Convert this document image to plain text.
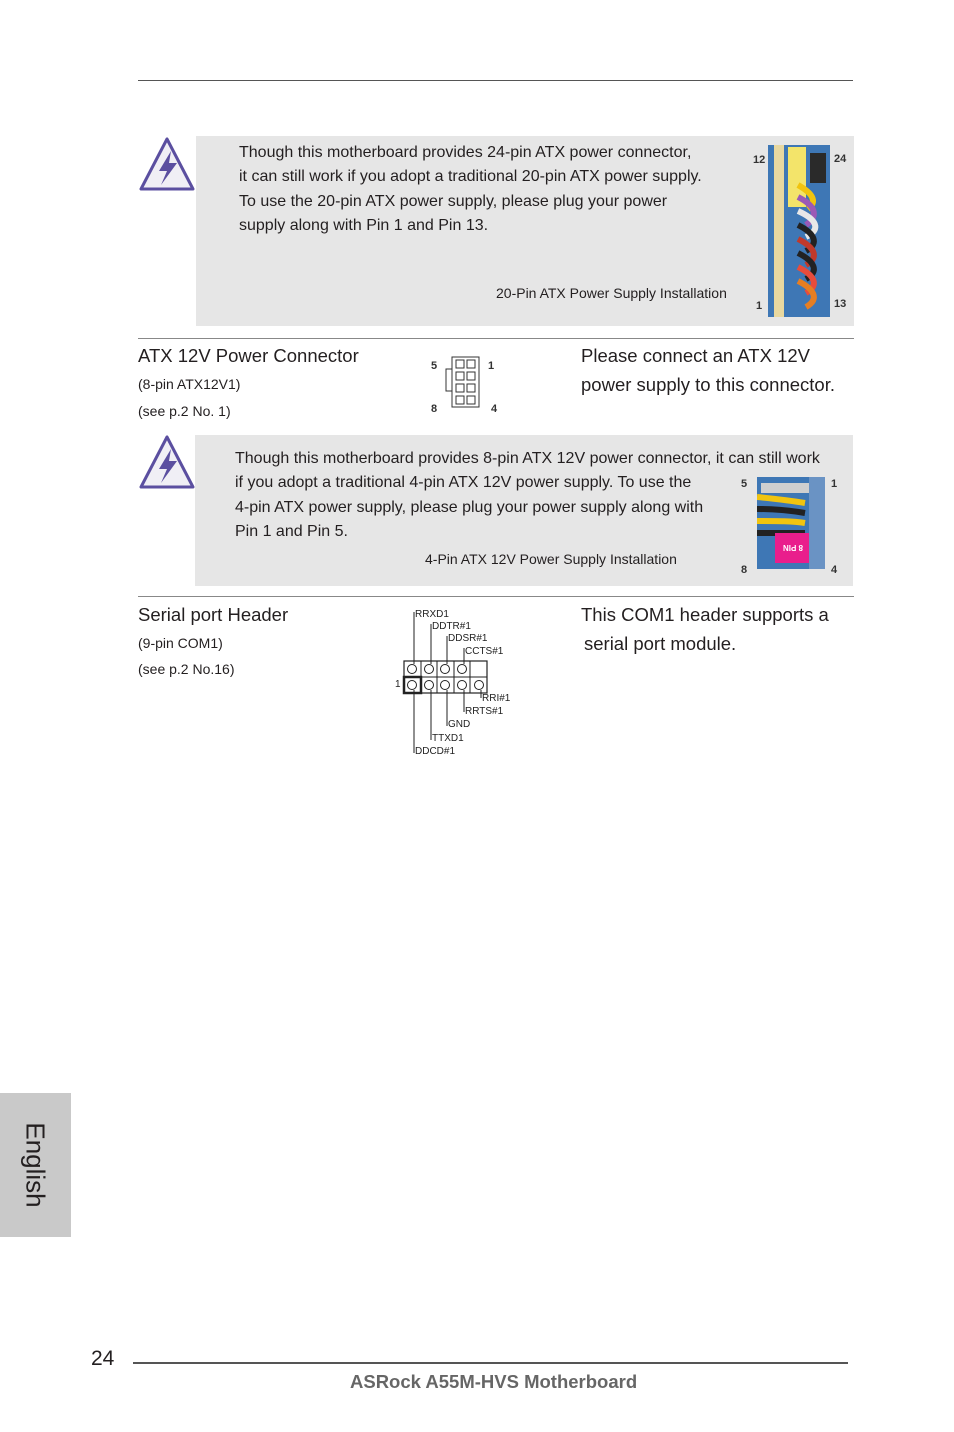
Though this motherboard provides 24-pin ATX power connector,
it can still work if you adopt a traditional 20-pin ATX power supply.
To use the 20-pin ATX power supply, please plug your power
supply along with Pin 1 and Pin 13.
20-Pin ATX Power Supply Installation
12	24
1	13
ATX 12V Power Connector
(8-pin ATX12V1)
(see p.2 No. 1)
5	1
8	4
Please connect an ATX 12V
power supply to this connector.
Though this motherboard provides 8-pin ATX 12V power connector, it can still work
if you adopt a traditional 4-pin ATX 12V power supply. To use the
4-pin ATX power supply, please plug your power supply along with
Pin 1 and Pin 5.
4-Pin ATX 12V Power Supply Installation
8 PIN
5	1
8	4
Serial port Header
(9-pin COM1)
(see p.2 No.16)
1
RRXD1
DDTR#1
DDSR#1
CCTS#1
RRI#1
RRTS#1
GND
TTXD1
DDCD#1
This COM1 header supports a
serial port module.
English
24
ASRock A55M-HVS Motherboard
